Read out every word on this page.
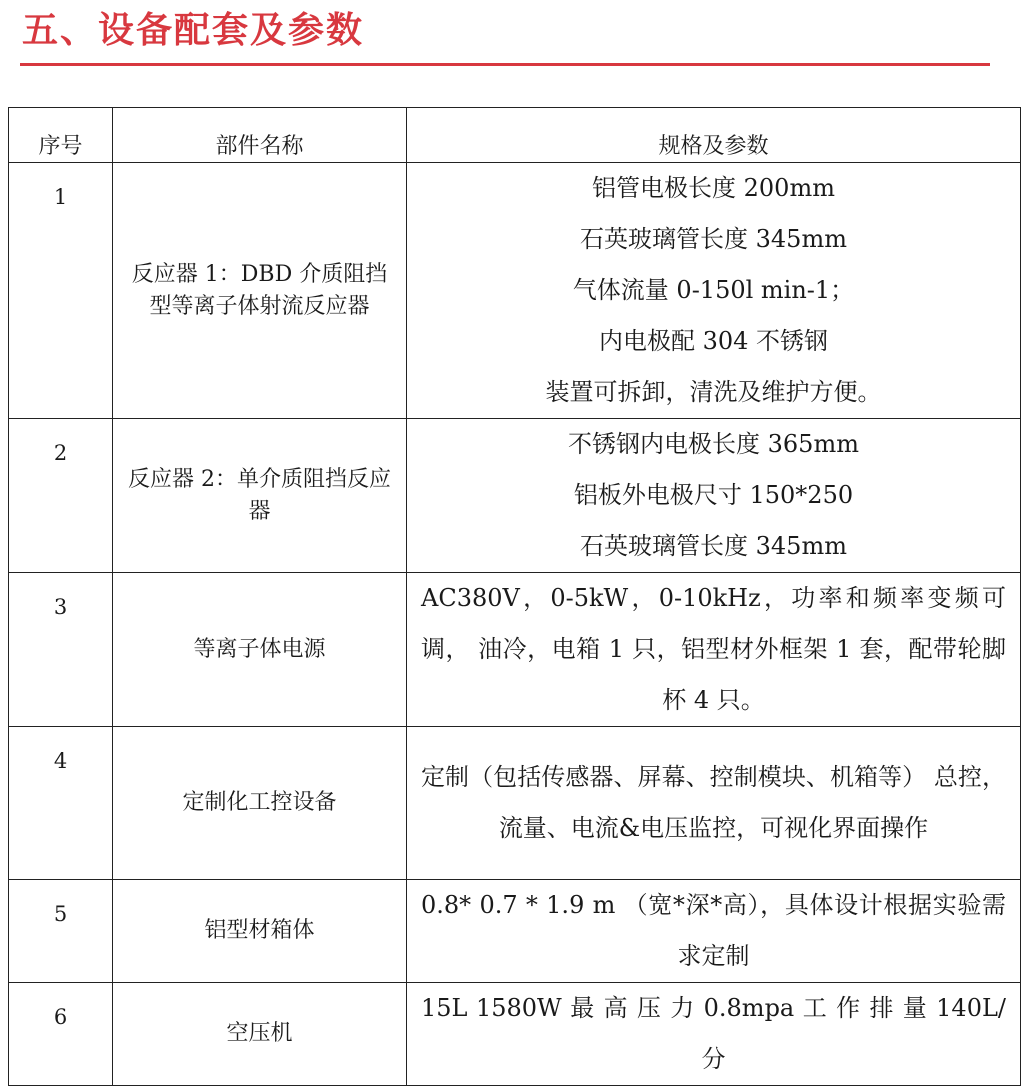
五、设备配套及参数
序号	部件名称	规格及参数
1	反应器 1：DBD 介质阻挡型等离子体射流反应器	铝管电极长度 200mm
石英玻璃管长度 345mm
气体流量 0-150l min-1；
内电极配 304 不锈钢
装置可拆卸，清洗及维护方便。

2	反应器 2：单介质阻挡反应器	不锈钢内电极长度 365mm
铝板外电极尺寸 150*250
石英玻璃管长度 345mm

3	等离子体电源	AC380V，0-5kW，0-10kHz，功率和频率变频可调， 油冷，电箱 1 只，铝型材外框架 1 套，配带轮脚 杯 4 只。

4	定制化工控设备	定制（包括传感器、屏幕、控制模块、机箱等） 总控，流量、电流&电压监控，可视化界面操作

5	铝型材箱体	0.8* 0.7 * 1.9 m （宽*深*高），具体设计根据实验需求定制

6	空压机	15L 1580W 最 高 压 力 0.8mpa 工 作 排 量 140L/分
